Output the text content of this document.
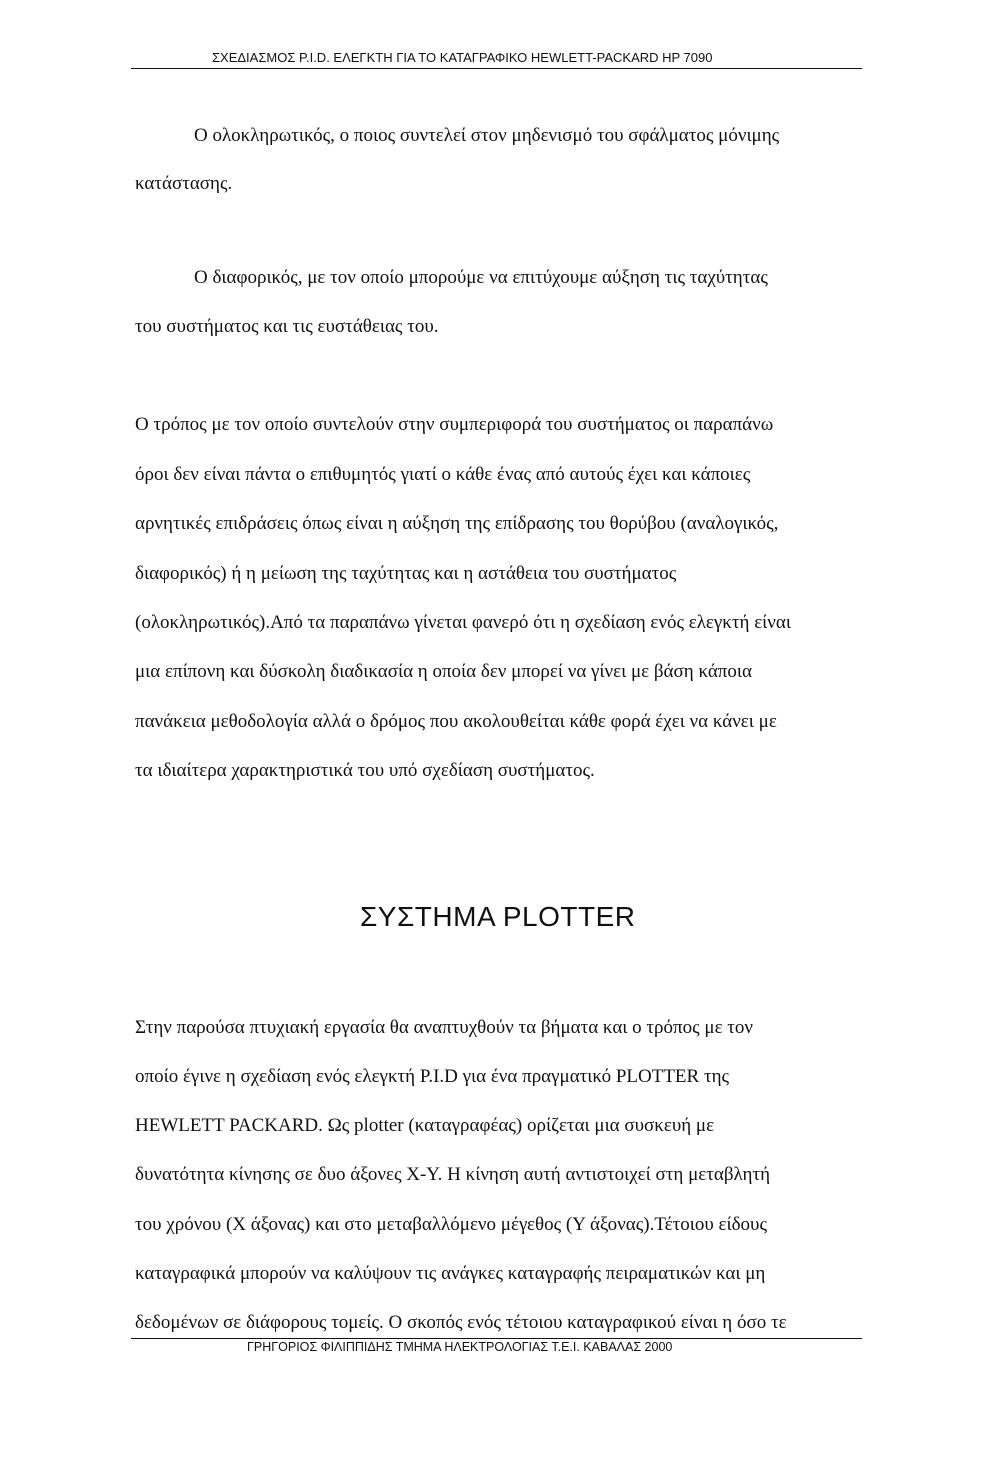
ΣΧΕΔΙΑΣΜΟΣ P.I.D. ΕΛΕΓΚΤΗ ΓΙΑ ΤΟ ΚΑΤΑΓΡΑΦΙΚΟ HEWLETT-PACKARD HP 7090
Ο ολοκληρωτικός, ο ποιος συντελεί στον μηδενισμό του σφάλματος μόνιμης
κατάστασης.
Ο διαφορικός, με τον οποίο μπορούμε να επιτύχουμε αύξηση τις ταχύτητας
του συστήματος και τις ευστάθειας του.
Ο τρόπος με τον οποίο συντελούν στην συμπεριφορά του συστήματος οι παραπάνω
όροι δεν είναι πάντα ο επιθυμητός γιατί ο κάθε ένας από αυτούς έχει και κάποιες
αρνητικές επιδράσεις όπως είναι η αύξηση της επίδρασης του θορύβου (αναλογικός,
διαφορικός) ή η μείωση της ταχύτητας και η αστάθεια του συστήματος
(ολοκληρωτικός).Από τα παραπάνω γίνεται φανερό ότι η σχεδίαση ενός ελεγκτή είναι
μια επίπονη και δύσκολη διαδικασία η οποία δεν μπορεί να γίνει με βάση κάποια
πανάκεια μεθοδολογία αλλά ο δρόμος που ακολουθείται κάθε φορά έχει να κάνει με
τα ιδιαίτερα χαρακτηριστικά του υπό σχεδίαση συστήματος.
ΣΥΣΤΗΜΑ PLOTTER
Στην παρούσα πτυχιακή εργασία θα αναπτυχθούν τα βήματα και ο τρόπος με τον
οποίο έγινε η σχεδίαση ενός ελεγκτή P.I.D για ένα πραγματικό PLOTTER της
HEWLETT PACKARD. Ως plotter (καταγραφέας) ορίζεται μια συσκευή με
δυνατότητα κίνησης σε δυο άξονες Χ-Υ. Η κίνηση αυτή αντιστοιχεί στη μεταβλητή
του χρόνου (Χ άξονας) και στο μεταβαλλόμενο μέγεθος (Υ άξονας).Τέτοιου είδους
καταγραφικά μπορούν να καλύψουν τις ανάγκες καταγραφής πειραματικών και μη
δεδομένων σε διάφορους τομείς. Ο σκοπός ενός τέτοιου καταγραφικού είναι η όσο τε
ΓΡΗΓΟΡΙΟΣ ΦΙΛΙΠΠΙΔΗΣ ΤΜΗΜΑ ΗΛΕΚΤΡΟΛΟΓΙΑΣ Τ.Ε.Ι. ΚΑΒΑΛΑΣ 2000
